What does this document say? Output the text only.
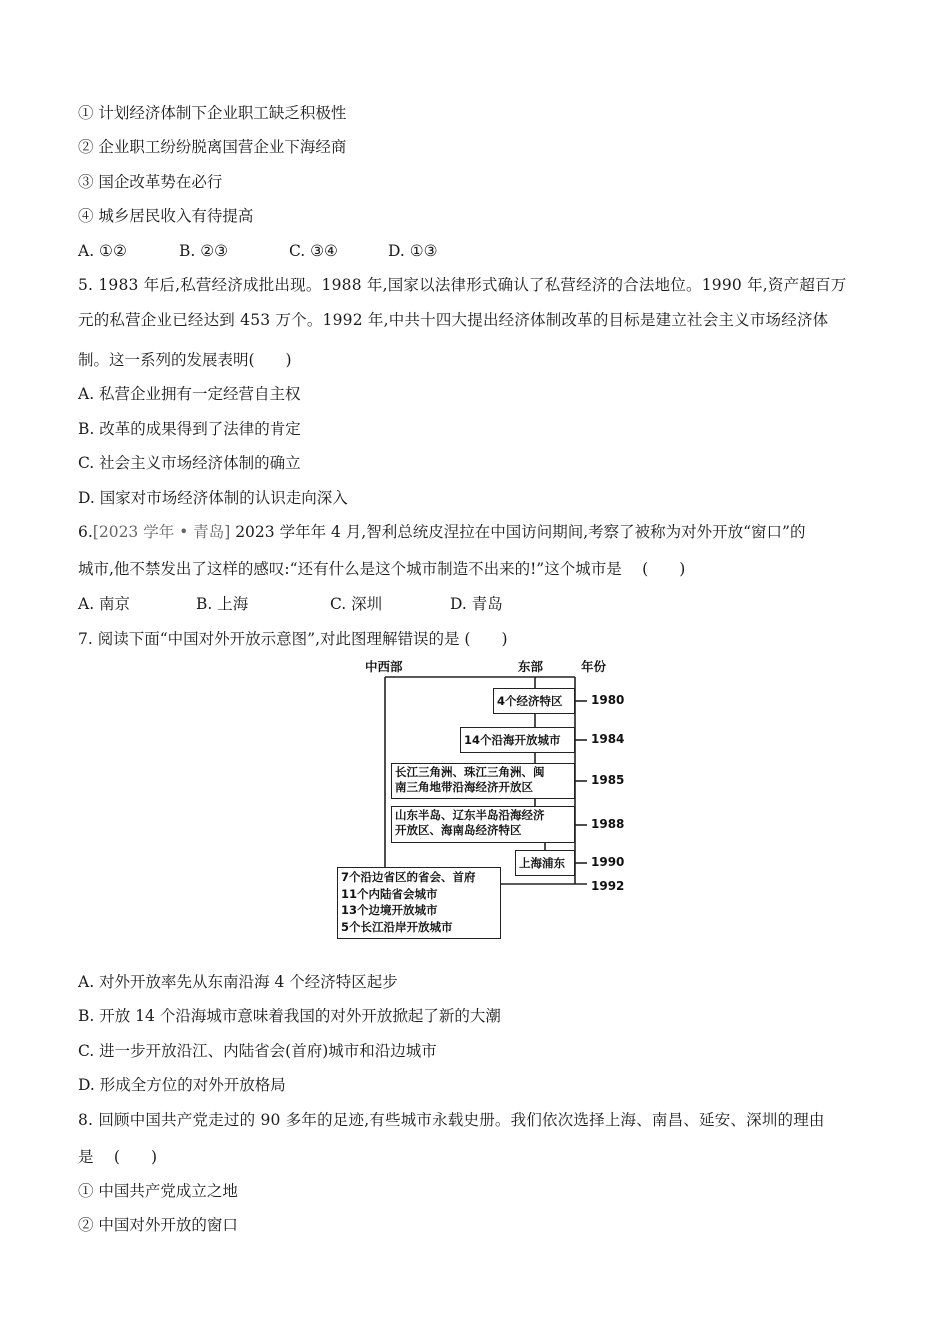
① 计划经济体制下企业职工缺乏积极性
② 企业职工纷纷脱离国营企业下海经商
③ 国企改革势在必行
④ 城乡居民收入有待提高
A. ①②	B. ②③	C. ③④	D. ①③
5. 1983 年后,私营经济成批出现。1988 年,国家以法律形式确认了私营经济的合法地位。1990 年,资产超百万
元的私营企业已经达到 453 万个。1992 年,中共十四大提出经济体制改革的目标是建立社会主义市场经济体
制。这一系列的发展表明(　　)
A. 私营企业拥有一定经营自主权
B. 改革的成果得到了法律的肯定
C. 社会主义市场经济体制的确立
D. 国家对市场经济体制的认识走向深入
6.[2023 学年 • 青岛] 2023 学年年 4 月,智利总统皮涅拉在中国访问期间,考察了被称为对外开放“窗口”的
城市,他不禁发出了这样的感叹:“还有什么是这个城市制造不出来的!”这个城市是 　(　　)
A. 南京	B. 上海	C. 深圳	D. 青岛
7. 阅读下面“中国对外开放示意图”,对此图理解错误的是 (　　)
中西部	东部	年份
4个经济特区	1980
14个沿海开放城市	1984
长江三角洲、珠江三角洲、闽
南三角地带沿海经济开放区	1985
山东半岛、辽东半岛沿海经济
开放区、海南岛经济特区	1988
上海浦东	1990
1992
7个沿边省区的省会、首府
11个内陆省会城市
13个边境开放城市
5个长江沿岸开放城市
A. 对外开放率先从东南沿海 4 个经济特区起步
B. 开放 14 个沿海城市意味着我国的对外开放掀起了新的大潮
C. 进一步开放沿江、内陆省会(首府)城市和沿边城市
D. 形成全方位的对外开放格局
8. 回顾中国共产党走过的 90 多年的足迹,有些城市永载史册。我们依次选择上海、南昌、延安、深圳的理由
是 　(　　)
① 中国共产党成立之地
② 中国对外开放的窗口
